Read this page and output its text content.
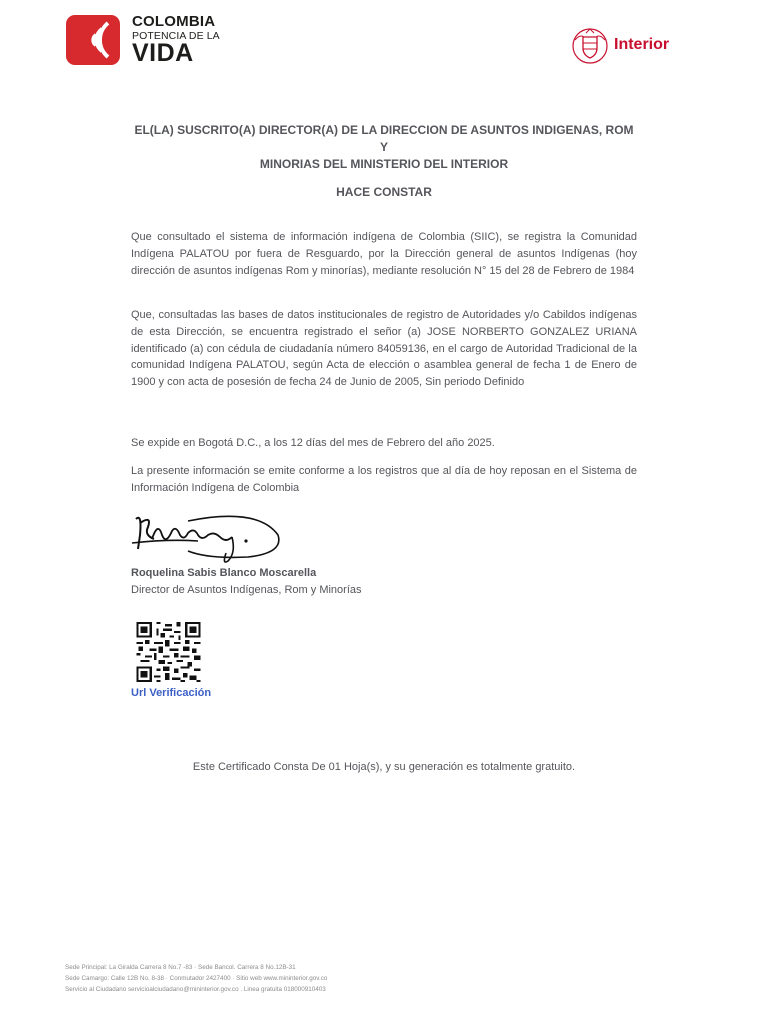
COLOMBIA
POTENCIA DE LA
VIDA	Interior
EL(LA) SUSCRITO(A) DIRECTOR(A) DE LA DIRECCION DE ASUNTOS INDIGENAS, ROM Y
MINORIAS DEL MINISTERIO DEL INTERIOR
HACE CONSTAR
Que consultado el sistema de información indígena de Colombia (SIIC), se registra la Comunidad Indígena PALATOU por fuera de Resguardo, por la Dirección general de asuntos Indígenas (hoy dirección de asuntos indígenas Rom y minorías), mediante resolución N° 15 del 28 de Febrero de 1984
Que, consultadas las bases de datos institucionales de registro de Autoridades y/o Cabildos indígenas de esta Dirección, se encuentra registrado el señor (a) JOSE NORBERTO GONZALEZ URIANA identificado (a) con cédula de ciudadanía número 84059136, en el cargo de Autoridad Tradicional de la comunidad Indígena PALATOU, según Acta de elección o asamblea general de fecha 1 de Enero de 1900 y con acta de posesión de fecha 24 de Junio de 2005, Sin periodo Definido
Se expide en Bogotá D.C., a los 12 días del mes de Febrero del año 2025.
La presente información se emite conforme a los registros que al día de hoy reposan en el Sistema de Información Indígena de Colombia
Roquelina Sabis Blanco Moscarella
Director de Asuntos Indígenas, Rom y Minorías
Url Verificación
Este Certificado Consta De 01 Hoja(s), y su generación es totalmente gratuito.
Sede Principal: La Giralda Carrera 8 No.7 -83 · Sede Bancol. Carrera 8 No.12B-31
Sede Camargo: Calle 12B No. 8-38 · Conmutador 2427400 · Sitio web www.mininterior.gov.co
Servicio al Ciudadano servicioalciudadano@mininterior.gov.co . Linea gratuita 018000910403
